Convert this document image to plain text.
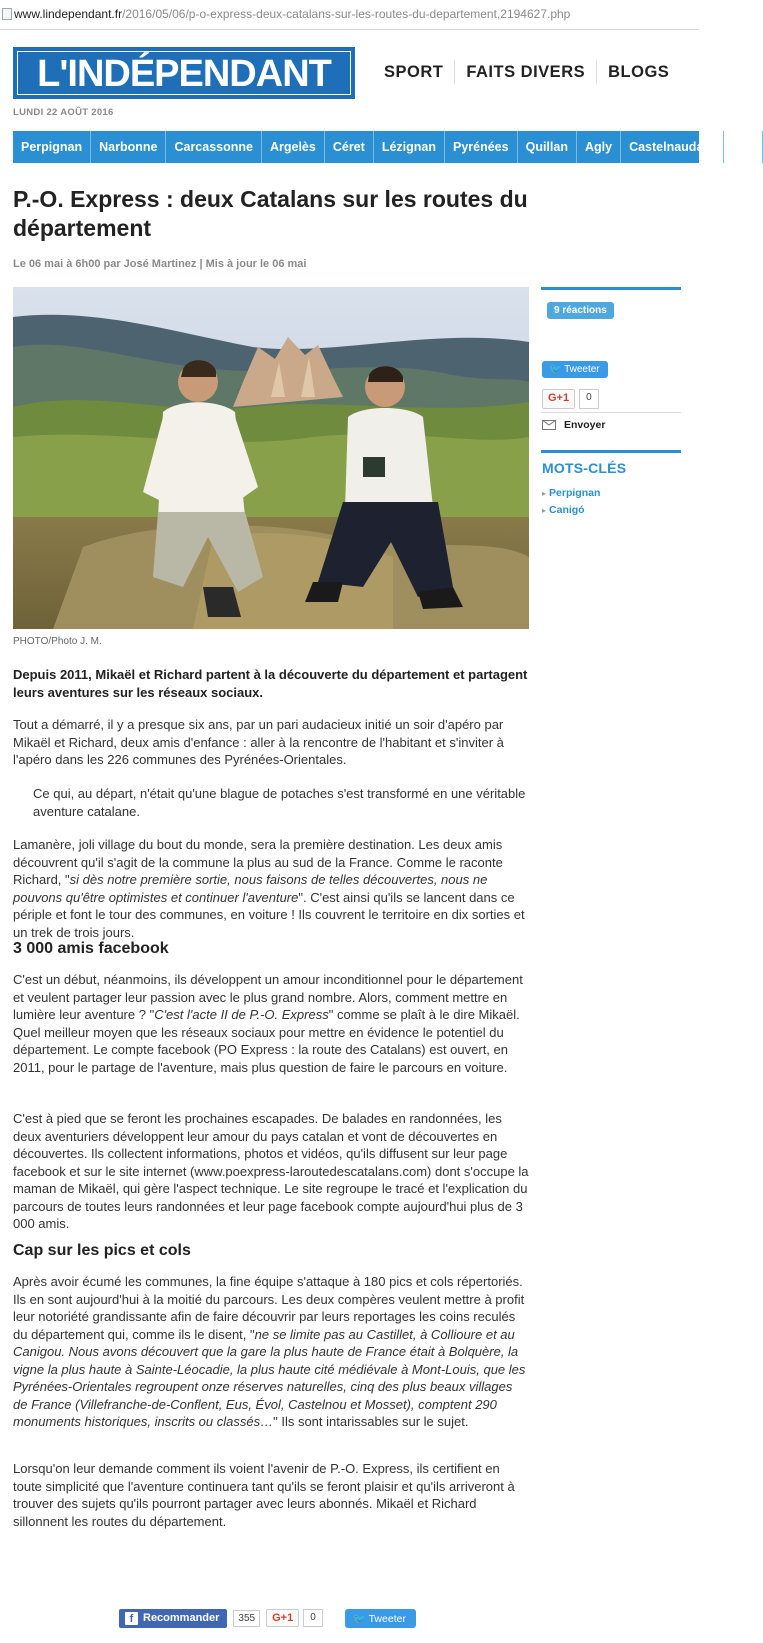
www.lindependant.fr/2016/05/06/p-o-express-deux-catalans-sur-les-routes-du-departement,2194627.php
L'INDÉPENDANT	SPORT	FAITS DIVERS	BLOGS
LUNDI 22 AOÛT 2016
Perpignan	Narbonne	Carcassonne	Argelès	Céret	Lézignan	Pyrénées	Quillan	Agly	Castelnaudary	Lim
P.-O. Express : deux Catalans sur les routes du département
Le 06 mai à 6h00 par José Martinez | Mis à jour le 06 mai
PHOTO/Photo J. M.
9 réactions
🐦 Tweeter
G+1	0
Envoyer
MOTS-CLÉS
▸ Perpignan
▸ Canigó

Depuis 2011, Mikaël et Richard partent à la découverte du département et partagent leurs aventures sur les réseaux sociaux.

Tout a démarré, il y a presque six ans, par un pari audacieux initié un soir d'apéro par Mikaël et Richard, deux amis d'enfance : aller à la rencontre de l'habitant et s'inviter à l'apéro dans les 226 communes des Pyrénées-Orientales.

Ce qui, au départ, n'était qu'une blague de potaches s'est transformé en une véritable aventure catalane.

Lamanère, joli village du bout du monde, sera la première destination. Les deux amis découvrent qu'il s'agit de la commune la plus au sud de la France. Comme le raconte Richard, "si dès notre première sortie, nous faisons de telles découvertes, nous ne pouvons qu'être optimistes et continuer l'aventure". C'est ainsi qu'ils se lancent dans ce périple et font le tour des communes, en voiture ! Ils couvrent le territoire en dix sorties et un trek de trois jours.

3 000 amis facebook

C'est un début, néanmoins, ils développent un amour inconditionnel pour le département et veulent partager leur passion avec le plus grand nombre. Alors, comment mettre en lumière leur aventure ? "C'est l'acte II de P.-O. Express" comme se plaît à le dire Mikaël. Quel meilleur moyen que les réseaux sociaux pour mettre en évidence le potentiel du département. Le compte facebook (PO Express : la route des Catalans) est ouvert, en 2011, pour le partage de l'aventure, mais plus question de faire le parcours en voiture.

C'est à pied que se feront les prochaines escapades. De balades en randonnées, les deux aventuriers développent leur amour du pays catalan et vont de découvertes en découvertes. Ils collectent informations, photos et vidéos, qu'ils diffusent sur leur page facebook et sur le site internet (www.poexpress-laroutedescatalans.com) dont s'occupe la maman de Mikaël, qui gère l'aspect technique. Le site regroupe le tracé et l'explication du parcours de toutes leurs randonnées et leur page facebook compte aujourd'hui plus de 3 000 amis.

Cap sur les pics et cols

Après avoir écumé les communes, la fine équipe s'attaque à 180 pics et cols répertoriés. Ils en sont aujourd'hui à la moitié du parcours. Les deux compères veulent mettre à profit leur notoriété grandissante afin de faire découvrir par leurs reportages les coins reculés du département qui, comme ils le disent, "ne se limite pas au Castillet, à Collioure et au Canigou. Nous avons découvert que la gare la plus haute de France était à Bolquère, la vigne la plus haute à Sainte-Léocadie, la plus haute cité médiévale à Mont-Louis, que les Pyrénées-Orientales regroupent onze réserves naturelles, cinq des plus beaux villages de France (Villefranche-de-Conflent, Eus, Évol, Castelnou et Mosset), comptent 290 monuments historiques, inscrits ou classés…" Ils sont intarissables sur le sujet.

Lorsqu'on leur demande comment ils voient l'avenir de P.-O. Express, ils certifient en toute simplicité que l'aventure continuera tant qu'ils se feront plaisir et qu'ils arriveront à trouver des sujets qu'ils pourront partager avec leurs abonnés. Mikaël et Richard sillonnent les routes du département.

f Recommander	355	G+1	0	🐦 Tweeter
